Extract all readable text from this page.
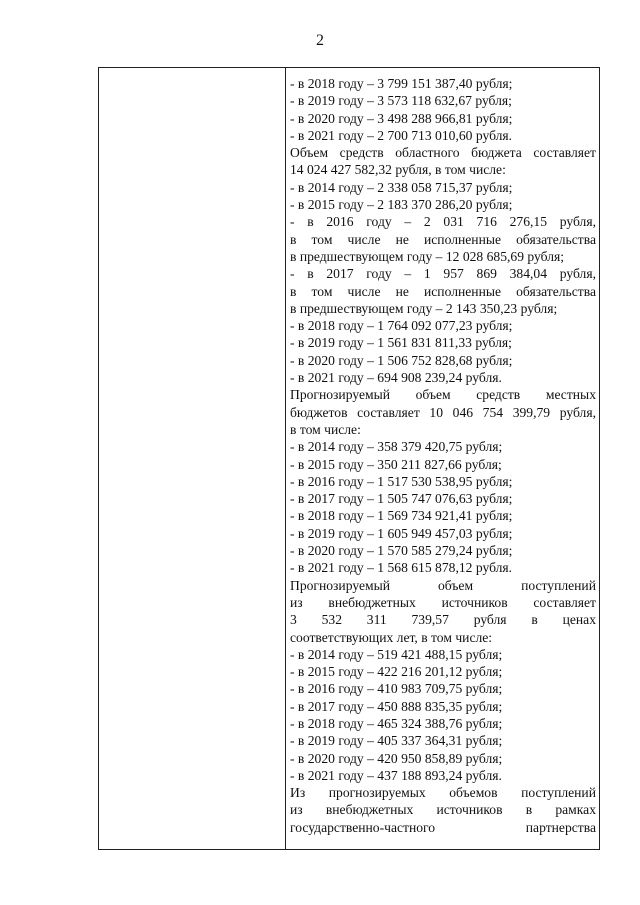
2
- в 2018 году – 3 799 151 387,40 рубля;
- в 2019 году – 3 573 118 632,67 рубля;
- в 2020 году – 3 498 288 966,81 рубля;
- в 2021 году – 2 700 713 010,60 рубля.
Объем средств областного бюджета составляет
14 024 427 582,32 рубля, в том числе:
- в 2014 году – 2 338 058 715,37 рубля;
- в 2015 году – 2 183 370 286,20 рубля;
- в 2016 году – 2 031 716 276,15 рубля,
в том числе не исполненные обязательства
в предшествующем году – 12 028 685,69 рубля;
- в 2017 году – 1 957 869 384,04 рубля,
в том числе не исполненные обязательства
в предшествующем году – 2 143 350,23 рубля;
- в 2018 году – 1 764 092 077,23 рубля;
- в 2019 году – 1 561 831 811,33 рубля;
- в 2020 году – 1 506 752 828,68 рубля;
- в 2021 году – 694 908 239,24 рубля.
Прогнозируемый объем средств местных
бюджетов составляет 10 046 754 399,79 рубля,
в том числе:
- в 2014 году – 358 379 420,75 рубля;
- в 2015 году – 350 211 827,66 рубля;
- в 2016 году – 1 517 530 538,95 рубля;
- в 2017 году – 1 505 747 076,63 рубля;
- в 2018 году – 1 569 734 921,41 рубля;
- в 2019 году – 1 605 949 457,03 рубля;
- в 2020 году – 1 570 585 279,24 рубля;
- в 2021 году – 1 568 615 878,12 рубля.
Прогнозируемый объем поступлений
из внебюджетных источников составляет
3 532 311 739,57 рубля в ценах
соответствующих лет, в том числе:
- в 2014 году – 519 421 488,15 рубля;
- в 2015 году – 422 216 201,12 рубля;
- в 2016 году – 410 983 709,75 рубля;
- в 2017 году – 450 888 835,35 рубля;
- в 2018 году – 465 324 388,76 рубля;
- в 2019 году – 405 337 364,31 рубля;
- в 2020 году – 420 950 858,89 рубля;
- в 2021 году – 437 188 893,24 рубля.
Из прогнозируемых объемов поступлений
из внебюджетных источников в рамках
государственно-частного партнерства
